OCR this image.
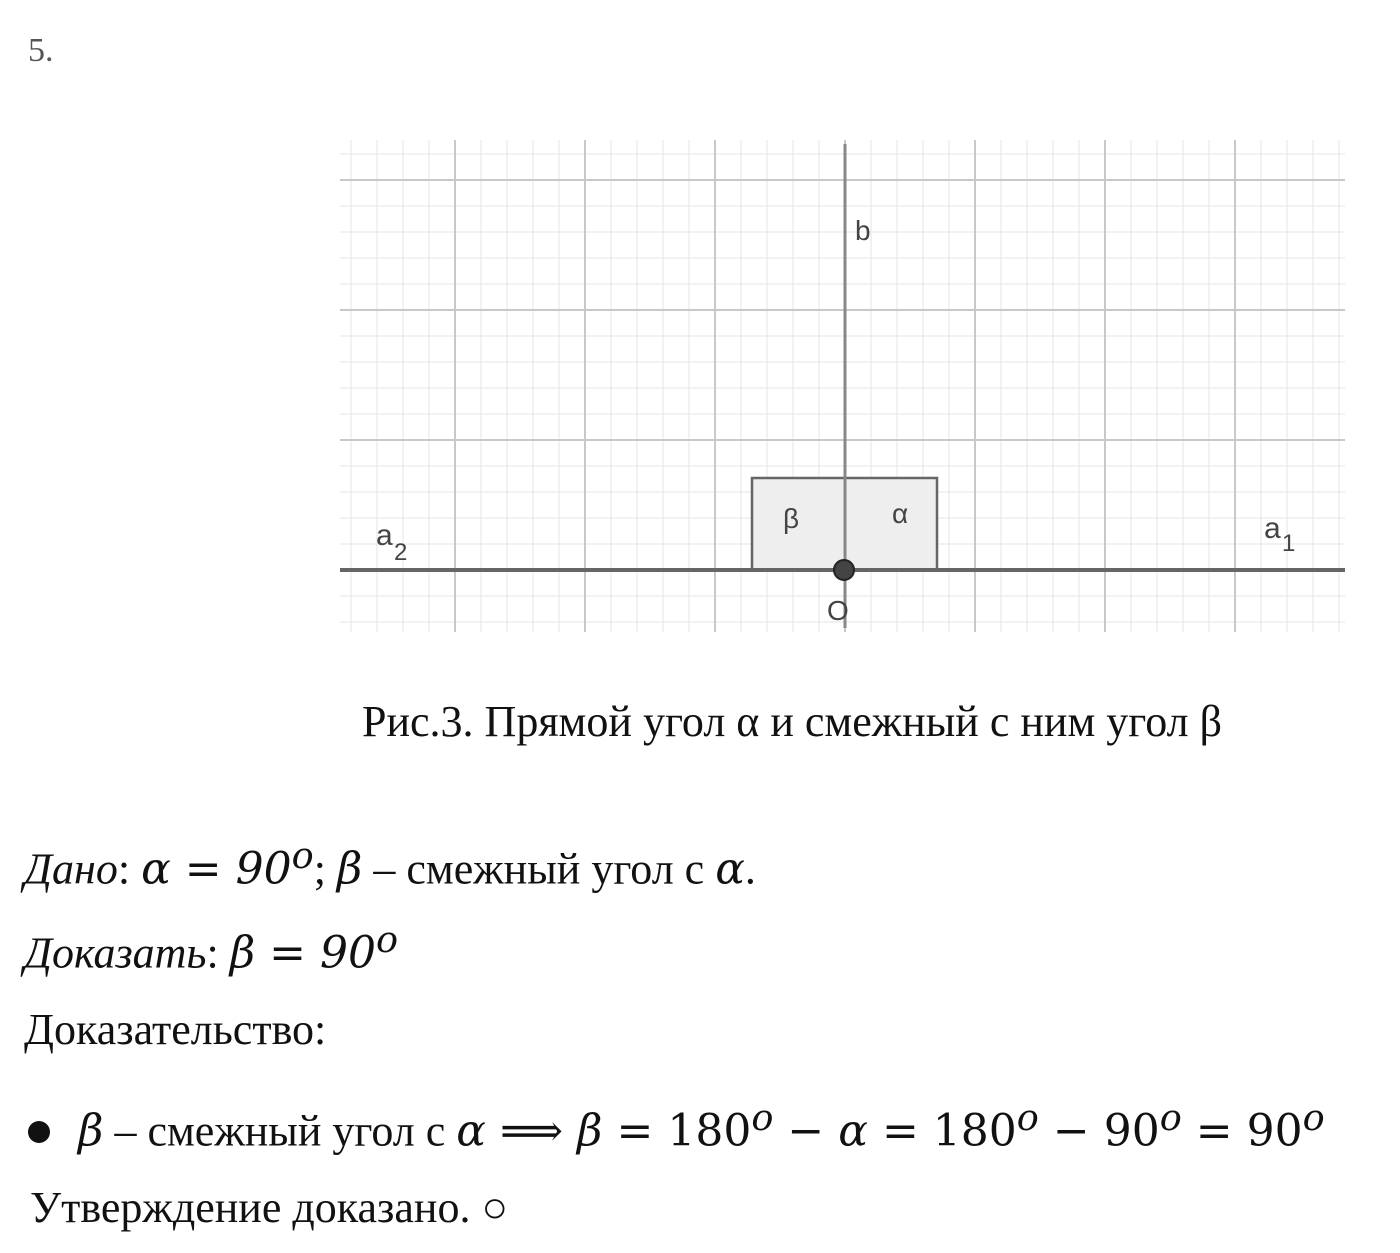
5.
b
O
β	α
a
2
a 1
Рис.3. Прямой угол α и смежный с ним угол β
Дано: $\alpha = 90^o$; β – смежный угол с α.
Доказать: $\beta = 90^o$
Доказательство:
β – смежный угол с α ⟹ $\beta = 180^o - \alpha = 180^o - 90^o = 90^o$
Утверждение доказано. ○
